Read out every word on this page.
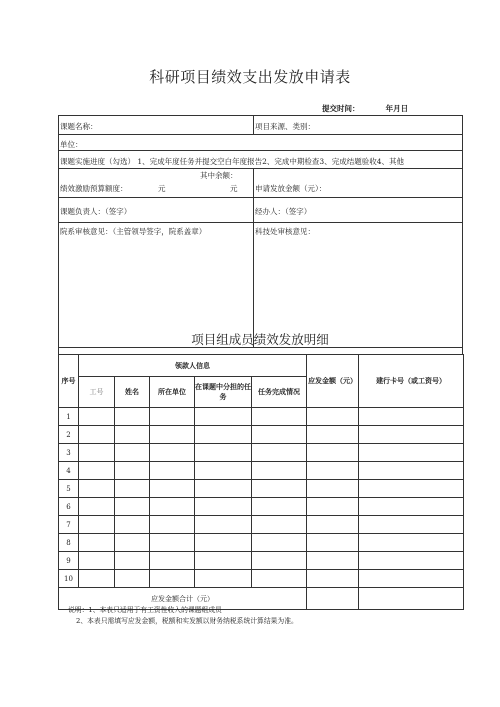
科研项目绩效支出发放申请表
提交时间：	年月日
课题名称：	项目来源、类别：
单位：
课题实施进度（勾选） 1、完成年度任务并提交空白年度报告2、完成中期检查3、完成结题验收4、其他
其中余额：
绩效激励预算额度：	元	元 申请发放金额（元）：
课题负责人：（签字）	经办人：（签字）
院系审核意见：（主管领导签字，院系盖章）	科技处审核意见：
项目组成员绩效发放明细
序号	领款人信息					应发金额（元）	建行卡号（或工资号）
	工号	姓名	所在单位	在课题中分担的任务	任务完成情况		
1							
2							
3							
4							
5							
6							
7							
8							
9							
10							
应发金额合计（元）							
说明：1、本表只适用于有工资性收入的课题组成员
2、本表只需填写应发金额，税额和实发额以财务纳税系统计算结果为准。
